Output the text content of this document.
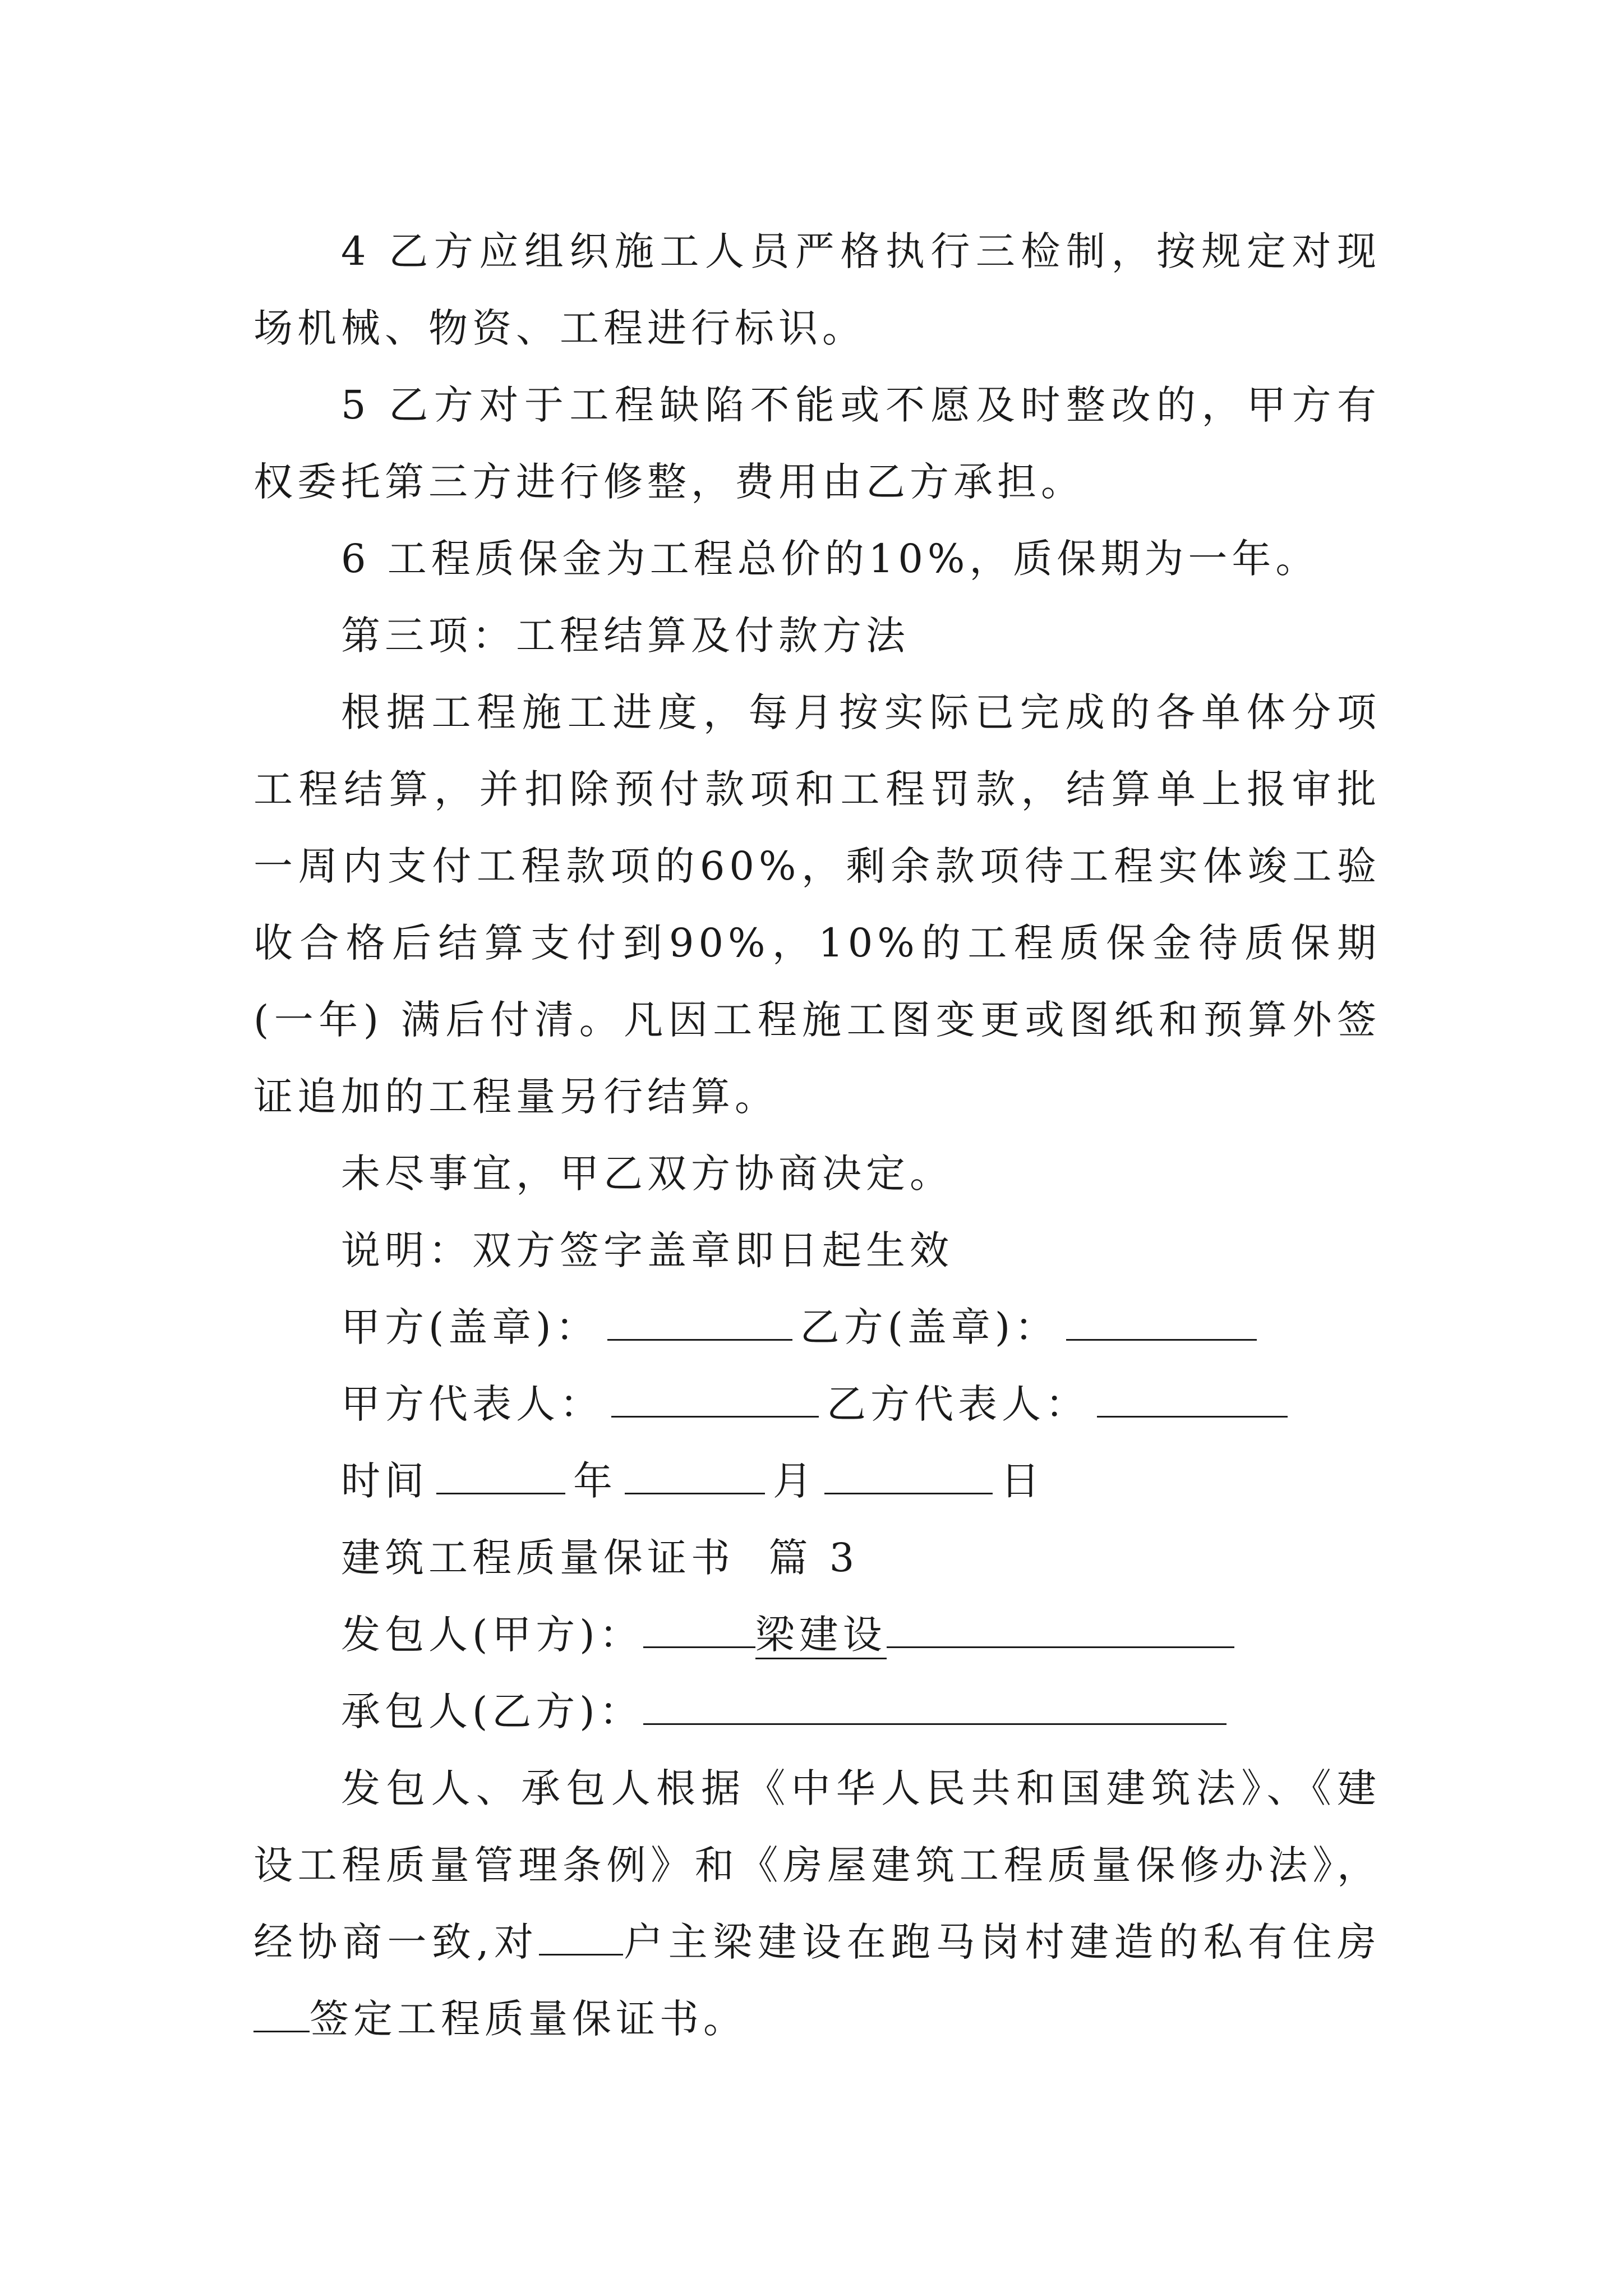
4 乙方应组织施工人员严格执行三检制，按规定对现场机械、物资、工程进行标识。

5 乙方对于工程缺陷不能或不愿及时整改的，甲方有权委托第三方进行修整，费用由乙方承担。

6 工程质保金为工程总价的10%，质保期为一年。

第三项：工程结算及付款方法

根据工程施工进度，每月按实际已完成的各单体分项工程结算，并扣除预付款项和工程罚款，结算单上报审批一周内支付工程款项的60%，剩余款项待工程实体竣工验收合格后结算支付到90%，10%的工程质保金待质保期(一年) 满后付清。凡因工程施工图变更或图纸和预算外签证追加的工程量另行结算。

未尽事宜，甲乙双方协商决定。

说明：双方签字盖章即日起生效

甲方(盖章)：	乙方(盖章)：

甲方代表人：	乙方代表人：

时间	年	月	日

建筑工程质量保证书  篇 3

发包人(甲方)：	梁建设

承包人(乙方)：

发包人、承包人根据《中华人民共和国建筑法》、《建设工程质量管理条例》和《房屋建筑工程质量保修办法》，经协商一致,对 户主梁建设在跑马岗村建造的私有住房签定工程质量保证书。
